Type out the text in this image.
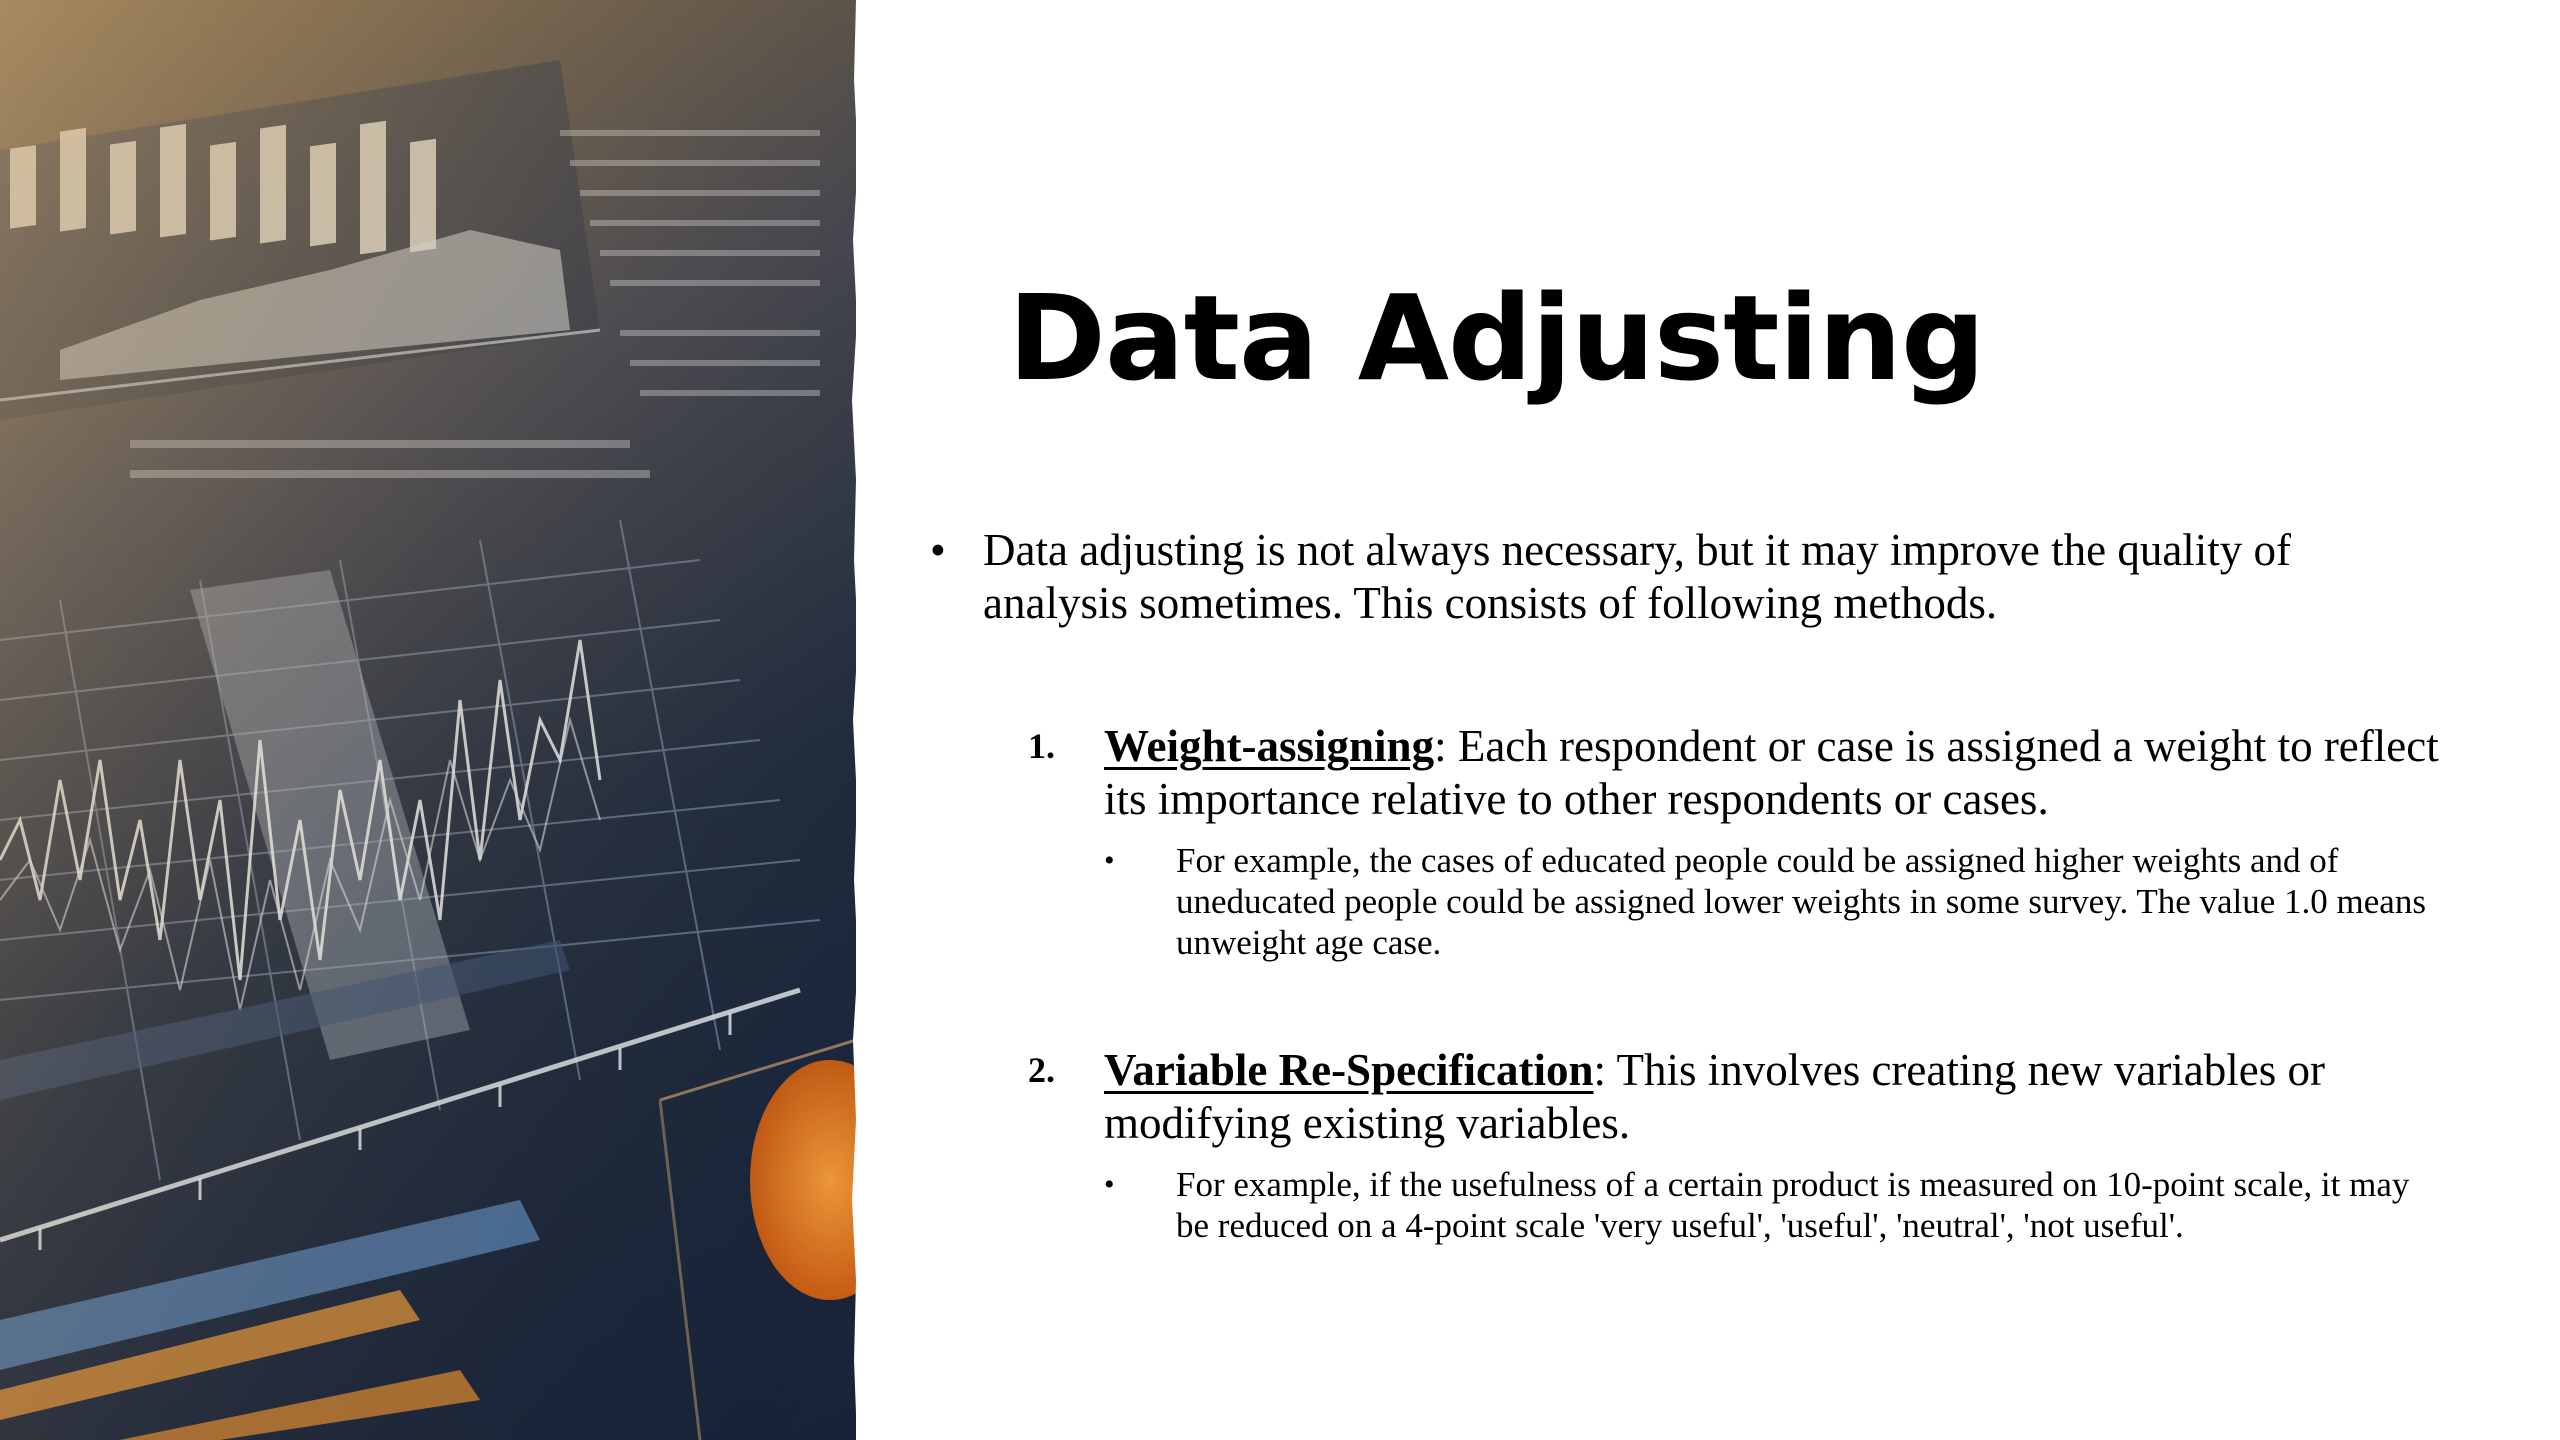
Data Adjusting
• Data adjusting is not always necessary, but it may improve the quality of analysis sometimes. This consists of following methods.
1. Weight-assigning: Each respondent or case is assigned a weight to reflect its importance relative to other respondents or cases.
• For example, the cases of educated people could be assigned higher weights and of uneducated people could be assigned lower weights in some survey. The value 1.0 means unweight age case.
2. Variable Re-Specification: This involves creating new variables or modifying existing variables.
• For example, if the usefulness of a certain product is measured on 10-point scale, it may be reduced on a 4-point scale 'very useful', 'useful', 'neutral', 'not useful'.
